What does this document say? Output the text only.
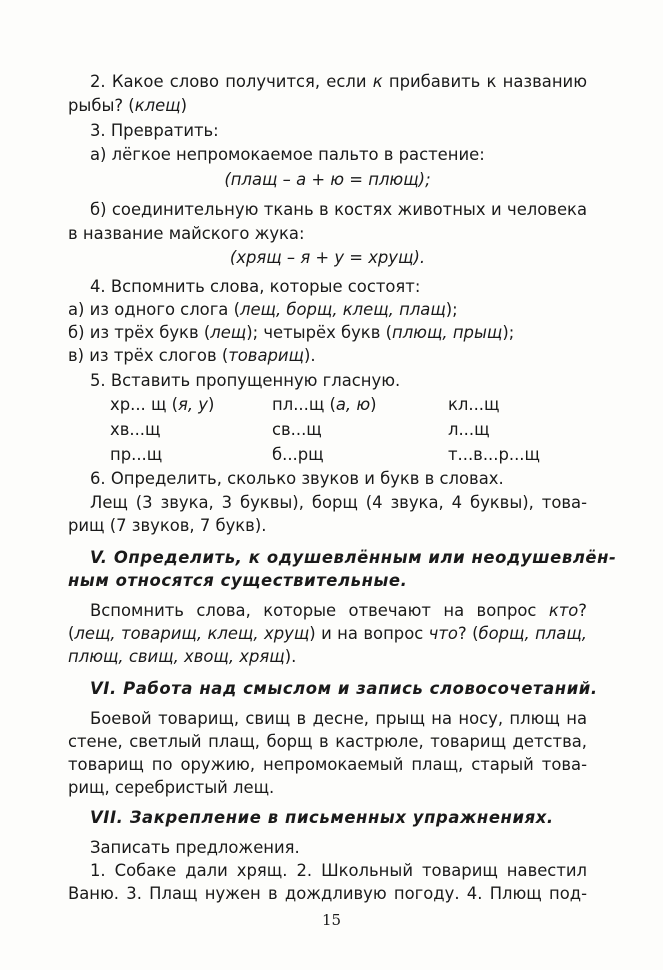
2. Какое слово получится, если к прибавить к названию
рыбы? (клещ)
3. Превратить:
а) лёгкое непромокаемое пальто в растение:
(плащ – а + ю = плющ);
б) соединительную ткань в костях животных и человека
в название майского жука:
(хрящ – я + у = хрущ).
4. Вспомнить слова, которые состоят:
а) из одного слога (лещ, борщ, клещ, плащ);
б) из трёх букв (лещ); четырёх букв (плющ, прыщ);
в) из трёх слогов (товарищ).
5. Вставить пропущенную гласную.
хр... щ (я, у)	пл...щ (а, ю)	кл...щ
хв...щ	св...щ	л...щ
пр...щ	б...рщ	т...в...р...щ
6. Определить, сколько звуков и букв в словах.
Лещ (3 звука, 3 буквы), борщ (4 звука, 4 буквы), това-
рищ (7 звуков, 7 букв).
V. Определить, к одушевлённым или неодушевлён-
ным относятся существительные.
Вспомнить слова, которые отвечают на вопрос кто?
(лещ, товарищ, клещ, хрущ) и на вопрос что? (борщ, плащ,
плющ, свищ, хвощ, хрящ).
VI. Работа над смыслом и запись словосочетаний.
Боевой товарищ, свищ в десне, прыщ на носу, плющ на
стене, светлый плащ, борщ в кастрюле, товарищ детства,
товарищ по оружию, непромокаемый плащ, старый това-
рищ, серебристый лещ.
VII. Закрепление в письменных упражнениях.
Записать предложения.
1. Собаке дали хрящ. 2. Школьный товарищ навестил
Ваню. 3. Плащ нужен в дождливую погоду. 4. Плющ под-
15
